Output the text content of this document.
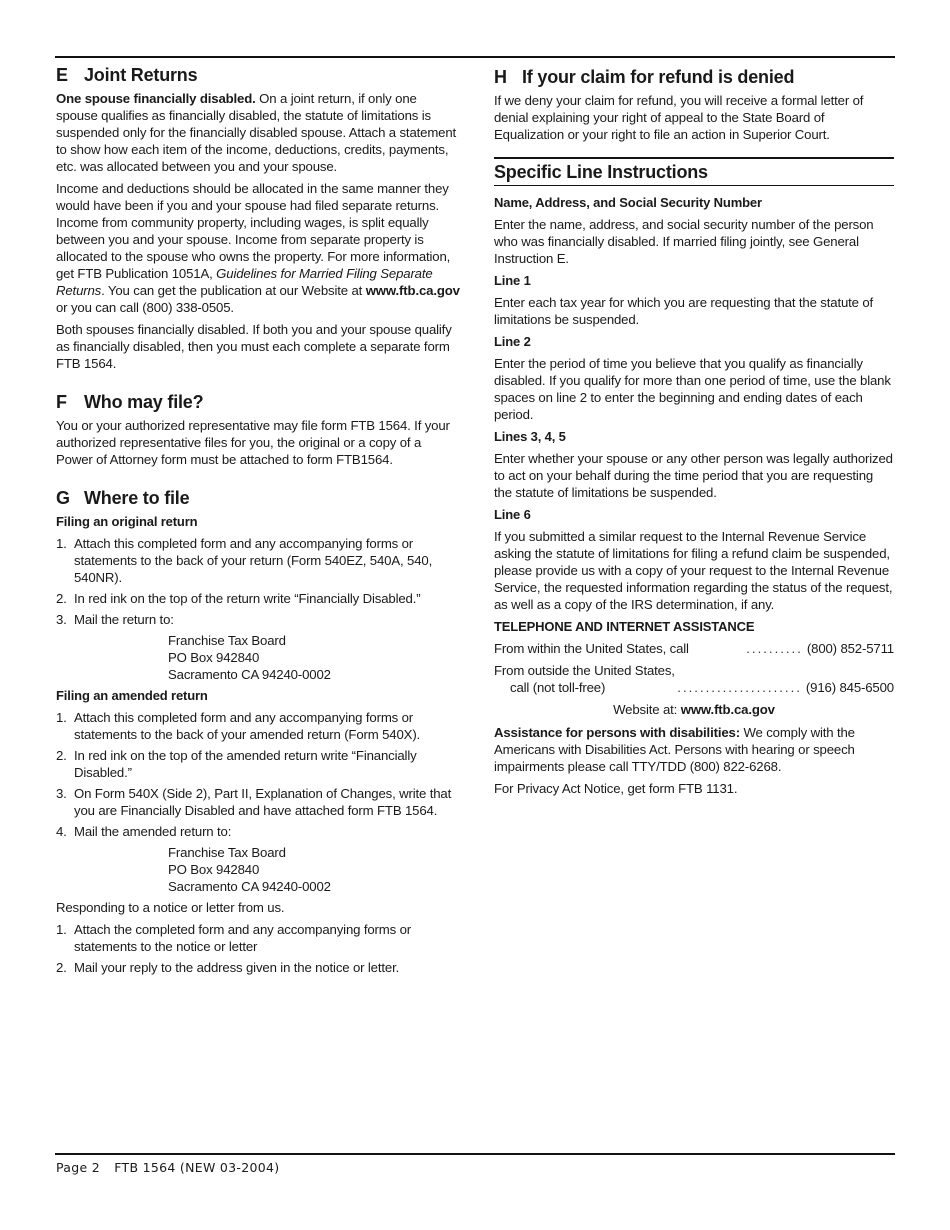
E Joint Returns

One spouse financially disabled. On a joint return, if only one spouse qualifies as financially disabled, the statute of limitations is suspended only for the financially disabled spouse. Attach a statement to show how each item of the income, deductions, credits, payments, etc. was allocated between you and your spouse.

Income and deductions should be allocated in the same manner they would have been if you and your spouse had filed separate returns. Income from community property, including wages, is split equally between you and your spouse. Income from separate property is allocated to the spouse who owns the property. For more information, get FTB Publication 1051A, Guidelines for Married Filing Separate Returns. You can get the publication at our Website at www.ftb.ca.gov or you can call (800) 338-0505.

Both spouses financially disabled. If both you and your spouse qualify as financially disabled, then you must each complete a separate form FTB 1564.

F Who may file?

You or your authorized representative may file form FTB 1564. If your authorized representative files for you, the original or a copy of a Power of Attorney form must be attached to form FTB1564.

G Where to file
Filing an original return
1. Attach this completed form and any accompanying forms or statements to the back of your return (Form 540EZ, 540A, 540, 540NR).
2. In red ink on the top of the return write “Financially Disabled.”
3. Mail the return to:
Franchise Tax Board
PO Box 942840
Sacramento CA 94240-0002
Filing an amended return
1. Attach this completed form and any accompanying forms or statements to the back of your amended return (Form 540X).
2. In red ink on the top of the amended return write “Financially Disabled.”
3. On Form 540X (Side 2), Part II, Explanation of Changes, write that you are Financially Disabled and have attached form FTB 1564.
4. Mail the amended return to:
Franchise Tax Board
PO Box 942840
Sacramento CA 94240-0002

Responding to a notice or letter from us.

1. Attach the completed form and any accompanying forms or statements to the notice or letter
2. Mail your reply to the address given in the notice or letter.
H If your claim for refund is denied

If we deny your claim for refund, you will receive a formal letter of denial explaining your right of appeal to the State Board of Equalization or your right to file an action in Superior Court.

Specific Line Instructions
Name, Address, and Social Security Number

Enter the name, address, and social security number of the person who was financially disabled. If married filing jointly, see General Instruction E.

Line 1

Enter each tax year for which you are requesting that the statute of limitations be suspended.

Line 2

Enter the period of time you believe that you qualify as financially disabled. If you qualify for more than one period of time, use the blank spaces on line 2 to enter the beginning and ending dates of each period.

Lines 3, 4, 5

Enter whether your spouse or any other person was legally authorized to act on your behalf during the time period that you are requesting the statute of limitations be suspended.

Line 6

If you submitted a similar request to the Internal Revenue Service asking the statute of limitations for filing a refund claim be suspended, please provide us with a copy of your request to the Internal Revenue Service, the requested information regarding the status of the request, as well as a copy of the IRS determination, if any.

TELEPHONE AND INTERNET ASSISTANCE
From within the United States, call	.......... (800) 852-5711
From outside the United States,
call (not toll-free)	...................... (916) 845-6500
Website at: www.ftb.ca.gov

Assistance for persons with disabilities: We comply with the Americans with Disabilities Act. Persons with hearing or speech impairments please call TTY/TDD (800) 822-6268.

For Privacy Act Notice, get form FTB 1131.

Page 2 FTB 1564 (NEW 03-2004)
